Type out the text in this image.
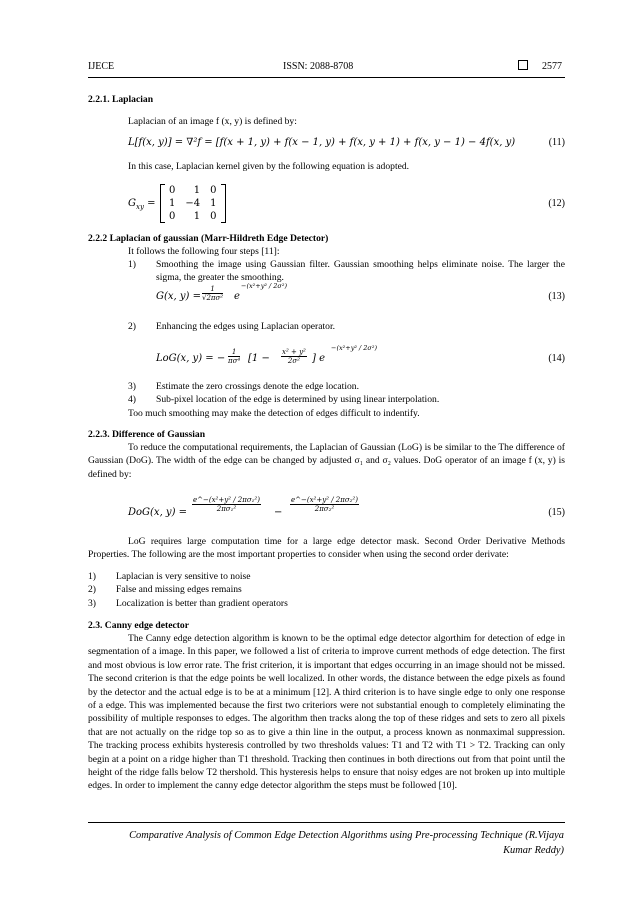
IJECE	ISSN: 2088-8708	2577
2.2.1. Laplacian
Laplacian of an image f (x, y) is defined by:
L[f(x, y)] = ∇²f = [f(x + 1, y) + f(x − 1, y) + f(x, y + 1) + f(x, y − 1) − 4f(x, y)	(11)
In this case, Laplacian kernel given by the following equation is adopted.
$G_{xy}$ =
0	1	0
1	−4	1
0	1	0
(12)
2.2.2 Laplacian of gaussian (Marr-Hildreth Edge Detector)
It follows the following four steps [11]:
1) Smoothing the image using Gaussian filter. Gaussian smoothing helps eliminate noise. The larger the sigma, the greater the smoothing.
G(x, $y) = \frac{1}{\text{√2πσ²}}$ e
−(x²+y² / 2σ²)
(13)
2) Enhancing the edges using Laplacian operator.
LoG(x, y) = − $\frac{1}{\text{πσ⁴}} [1 - \frac{\text{x² + y²}}{\text{2σ²}}$ ] e
−(x²+y² / 2σ²)
(14)
3) Estimate the zero crossings denote the edge location.
4) Sub-pixel location of the edge is determined by using linear interpolation.
Too much smoothing may make the detection of edges difficult to indentify.
2.2.3. Difference of Gaussian
To reduce the computational requirements, the Laplacian of Gaussian (LoG) is be similar to the The difference of Gaussian (DoG). The width of the edge can be changed by adjusted σ₁ and σ₂ values. DoG operator of an image f (x, y) is defined by:
DoG(x, $y) = \frac{\text{e\textasciicircum{}−(x²+y² / 2πσ₁²)}}{\text{2πσ₁²}} - \frac{\text{e\textasciicircum{}−(x²+y² / 2πσ₂²)}}{\text{2πσ₂²}}$	(15)
LoG requires large computation time for a large edge detector mask. Second Order Derivative Methods Properties. The following are the most important properties to consider when using the second order derivate:
1) Laplacian is very sensitive to noise
2) False and missing edges remains
3) Localization is better than gradient operators
2.3. Canny edge detector
The Canny edge detection algorithm is known to be the optimal edge detector algorthim for detection of edge in segmentation of a image. In this paper, we followed a list of criteria to improve current methods of edge detection. The first and most obvious is low error rate. The frist criterion, it is important that edges occurring in an image should not be missed. The second criterion is that the edge points be well localized. In other words, the distance between the edge pixels as found by the detector and the actual edge is to be at a minimum [12]. A third criterion is to have single edge to only one response of a edge. This was implemented because the first two criteriors were not substantial enough to completely eliminating the possibility of multiple responses to edges. The algorithm then tracks along the top of these ridges and sets to zero all pixels that are not actually on the ridge top so as to give a thin line in the output, a process known as nonmaximal suppression. The tracking process exhibits hysteresis controlled by two thresholds values: T1 and T2 with T1 > T2. Tracking can only begin at a point on a ridge higher than T1 threshold. Tracking then continues in both directions out from that point until the height of the ridge falls below T2 thershold. This hysteresis helps to ensure that noisy edges are not broken up into multiple edges. In order to implement the canny edge detector algorithm the steps must be followed [10].
Comparative Analysis of Common Edge Detection Algorithms using Pre-processing Technique (R.Vijaya Kumar Reddy)
